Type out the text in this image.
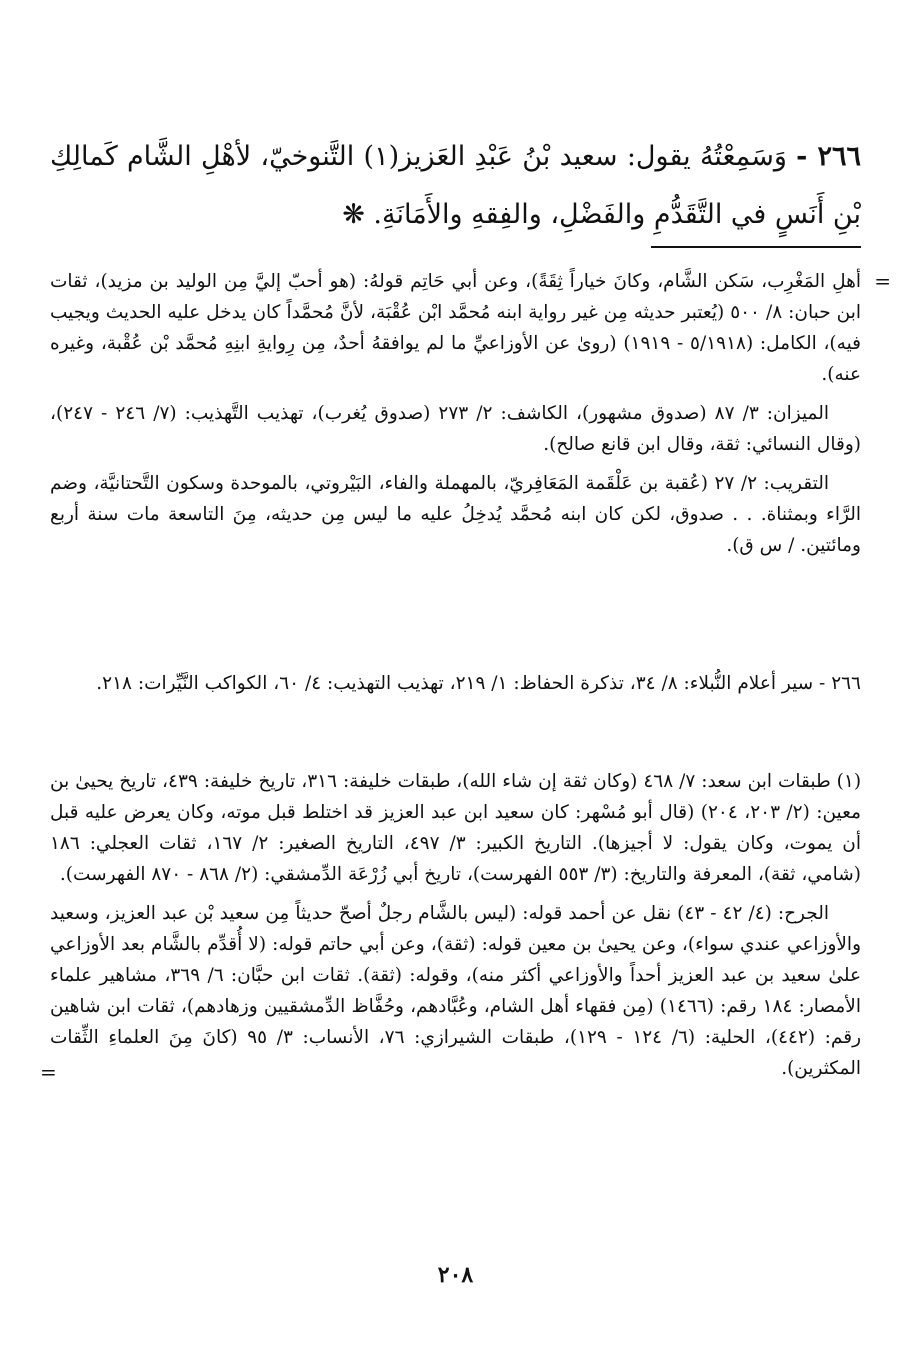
٢٦٦ - وَسَمِعْتُهُ يقول: سعيد بْنُ عَبْدِ العَزيز(١) التَّنوخيّ، لأهْلِ الشَّام كَمالِكِ بْنِ أَنَسٍ في التَّقَدُّمِ والفَضْلِ، والفِقهِ والأَمَانَةِ. ❋
=

أهلِ المَغْرِب، سَكن الشَّام، وكانَ خياراً ثِقَةً)، وعن أبي حَاتِم قولهُ: (هو أحبّ إليَّ مِن الوليد بن مزيد)، ثقات ابن حبان: ٨/ ٥٠٠ (يُعتبر حديثه مِن غير رواية ابنه مُحمَّد ابْن عُقْبَة، لأنَّ مُحمَّداً كان يدخل عليه الحديث ويجيب فيه)، الكامل: (٥/١٩١٨ - ١٩١٩) (روىٰ عن الأوزاعيِّ ما لم يوافقهُ أحدٌ، مِن رِوايةِ ابنِهِ مُحمَّد بْن عُقْبة، وغيره عنه).

الميزان: ٣/ ٨٧ (صدوق مشهور)، الكاشف: ٢/ ٢٧٣ (صدوق يُغرب)، تهذيب التَّهذيب: (٧/ ٢٤٦ - ٢٤٧)، (وقال النسائي: ثقة، وقال ابن قانع صالح).

التقريب: ٢/ ٢٧ (عُقبة بن عَلْقَمة المَعَافِريّ، بالمهملة والفاء، البَيْروتي، بالموحدة وسكون التَّحتانيَّة، وضم الرَّاء وبمثناة. . . صدوق، لكن كان ابنه مُحمَّد يُدخِلُ عليه ما ليس مِن حديثه، مِنَ التاسعة مات سنة أربع ومائتين. / س ق).

٢٦٦ - سير أعلام النُّبلاء: ٨/ ٣٤، تذكرة الحفاظ: ١/ ٢١٩، تهذيب التهذيب: ٤/ ٦٠، الكواكب النَّيِّرات: ٢١٨.

(١) طبقات ابن سعد: ٧/ ٤٦٨ (وكان ثقة إن شاء الله)، طبقات خليفة: ٣١٦، تاريخ خليفة: ٤٣٩، تاريخ يحيىٰ بن معين: (٢/ ٢٠٣، ٢٠٤) (قال أبو مُسْهر: كان سعيد ابن عبد العزيز قد اختلط قبل موته، وكان يعرض عليه قبل أن يموت، وكان يقول: لا أجيزها). التاريخ الكبير: ٣/ ٤٩٧، التاريخ الصغير: ٢/ ١٦٧، ثقات العجلي: ١٨٦ (شامي، ثقة)، المعرفة والتاريخ: (٣/ ٥٥٣ الفهرست)، تاريخ أبي زُرْعَة الدِّمشقي: (٢/ ٨٦٨ - ٨٧٠ الفهرست).

الجرح: (٤/ ٤٢ - ٤٣) نقل عن أحمد قوله: (ليس بالشَّام رجلٌ أصحّ حديثاً مِن سعيد بْن عبد العزيز، وسعيد والأوزاعي عندي سواء)، وعن يحيىٰ بن معين قوله: (ثقة)، وعن أبي حاتم قوله: (لا أُقدِّم بالشَّام بعد الأوزاعي علىٰ سعيد بن عبد العزيز أحداً والأوزاعي أكثر منه)، وقوله: (ثقة). ثقات ابن حبَّان: ٦/ ٣٦٩، مشاهير علماء الأمصار: ١٨٤ رقم: (١٤٦٦) (مِن فقهاء أهل الشام، وعُبَّادهم، وحُفَّاظ الدِّمشقيين وزهادهم)، ثقات ابن شاهين رقم: (٤٤٢)، الحلية: (٦/ ١٢٤ - ١٢٩)، طبقات الشيرازي: ٧٦، الأنساب: ٣/ ٩٥ (كانَ مِنَ العلماءِ الثِّقات المكثرين).

=
٢٠٨
